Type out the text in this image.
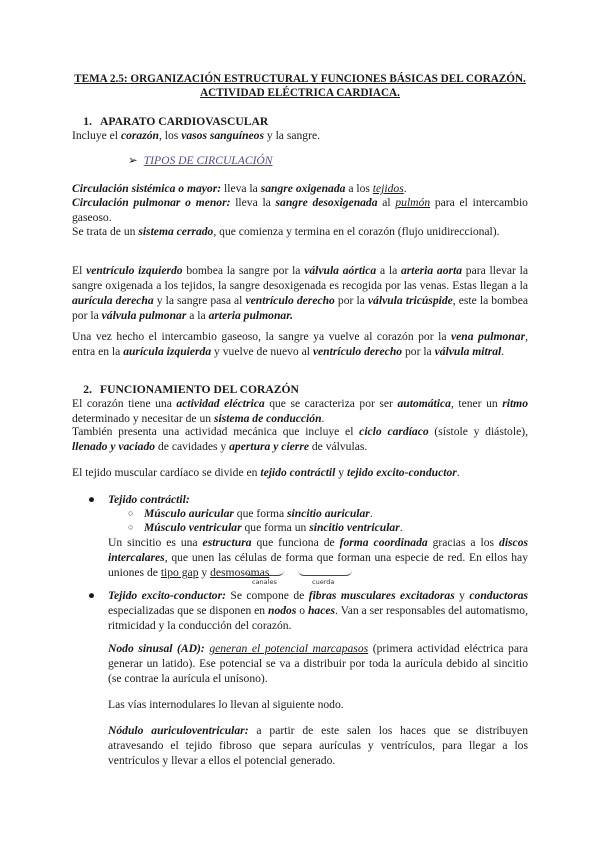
TEMA 2.5: ORGANIZACIÓN ESTRUCTURAL Y FUNCIONES BÁSICAS DEL CORAZÓN.
ACTIVIDAD ELÉCTRICA CARDIACA.
1. APARATO CARDIOVASCULAR
Incluye el corazón, los vasos sanguíneos y la sangre.
➢ TIPOS DE CIRCULACIÓN
Circulación sistémica o mayor: lleva la sangre oxigenada a los tejidos.
Circulación pulmonar o menor: lleva la sangre desoxigenada al pulmón para el intercambio gaseoso.
Se trata de un sistema cerrado, que comienza y termina en el corazón (flujo unidireccional).
El ventrículo izquierdo bombea la sangre por la válvula aórtica a la arteria aorta para llevar la sangre oxigenada a los tejidos, la sangre desoxigenada es recogida por las venas. Estas llegan a la aurícula derecha y la sangre pasa al ventrículo derecho por la válvula tricúspide, este la bombea por la válvula pulmonar a la arteria pulmonar.
Una vez hecho el intercambio gaseoso, la sangre ya vuelve al corazón por la vena pulmonar, entra en la aurícula izquierda y vuelve de nuevo al ventrículo derecho por la válvula mitral.
2. FUNCIONAMIENTO DEL CORAZÓN
El corazón tiene una actividad eléctrica que se caracteriza por ser automática, tener un ritmo determinado y necesitar de un sistema de conducción.
También presenta una actividad mecánica que incluye el ciclo cardíaco (sístole y diástole), llenado y vaciado de cavidades y apertura y cierre de válvulas.
El tejido muscular cardíaco se divide en tejido contráctil y tejido excito-conductor.
● Tejido contráctil:
○ Músculo auricular que forma sincitio auricular.
○ Músculo ventricular que forma un sincitio ventricular.
Un sincitio es una estructura que funciona de forma coordinada gracias a los discos intercalares, que unen las células de forma que forman una especie de red. En ellos hay uniones de tipo gap y desmosomas.
canales	cuerda
● Tejido excito-conductor: Se compone de fibras musculares excitadoras y conductoras especializadas que se disponen en nodos o haces. Van a ser responsables del automatismo, ritmicidad y la conducción del corazón.
Nodo sinusal (AD): generan el potencial marcapasos (primera actividad eléctrica para generar un latido). Ese potencial se va a distribuir por toda la aurícula debido al sincitio (se contrae la aurícula el unísono).
Las vías internodulares lo llevan al siguiente nodo.
Nódulo auriculoventricular: a partir de este salen los haces que se distribuyen atravesando el tejido fibroso que separa aurículas y ventrículos, para llegar a los ventrículos y llevar a ellos el potencial generado.
